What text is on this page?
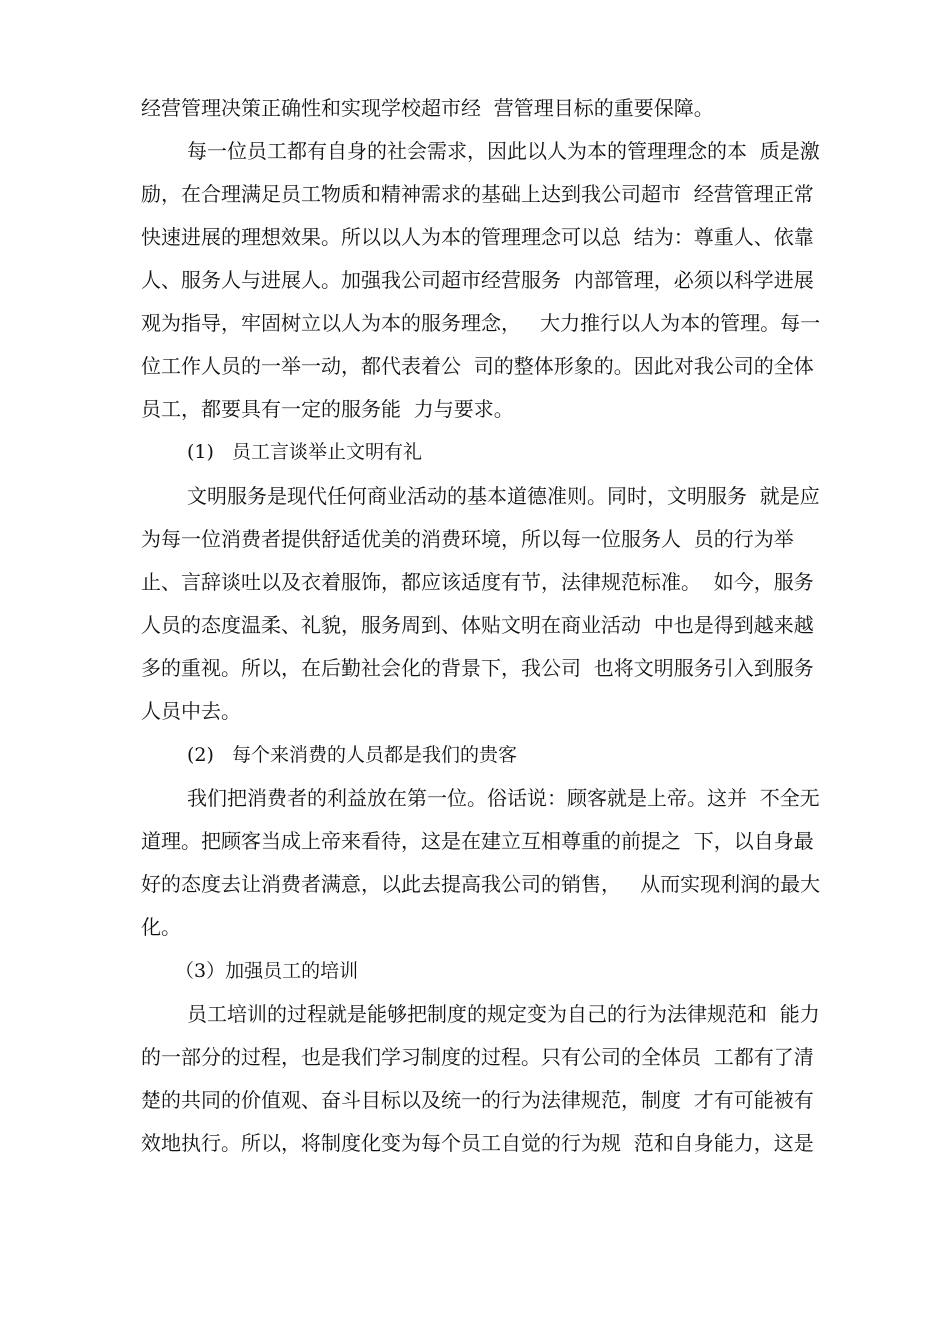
经营管理决策正确性和实现学校超市经  营管理目标的重要保障。
每一位员工都有自身的社会需求，因此以人为本的管理理念的本  质是激
励，在合理满足员工物质和精神需求的基础上达到我公司超市  经营管理正常
快速进展的理想效果。所以以人为本的管理理念可以总  结为：尊重人、依靠
人、服务人与进展人。加强我公司超市经营服务  内部管理，必须以科学进展
观为指导，牢固树立以人为本的服务理念，   大力推行以人为本的管理。每一
位工作人员的一举一动，都代表着公  司的整体形象的。因此对我公司的全体
员工，都要具有一定的服务能  力与要求。
(1)   员工言谈举止文明有礼
文明服务是现代任何商业活动的基本道德准则。同时，文明服务  就是应
为每一位消费者提供舒适优美的消费环境，所以每一位服务人  员的行为举
止、言辞谈吐以及衣着服饰，都应该适度有节，法律规范标准。  如今，服务
人员的态度温柔、礼貌，服务周到、体贴文明在商业活动  中也是得到越来越
多的重视。所以，在后勤社会化的背景下，我公司  也将文明服务引入到服务
人员中去。
(2)   每个来消费的人员都是我们的贵客
我们把消费者的利益放在第一位。俗话说：顾客就是上帝。这并  不全无
道理。把顾客当成上帝来看待，这是在建立互相尊重的前提之  下，以自身最
好的态度去让消费者满意，以此去提高我公司的销售，   从而实现利润的最大
化。
（3）加强员工的培训
员工培训的过程就是能够把制度的规定变为自己的行为法律规范和  能力
的一部分的过程，也是我们学习制度的过程。只有公司的全体员  工都有了清
楚的共同的价值观、奋斗目标以及统一的行为法律规范，制度  才有可能被有
效地执行。所以，将制度化变为每个员工自觉的行为规  范和自身能力，这是
